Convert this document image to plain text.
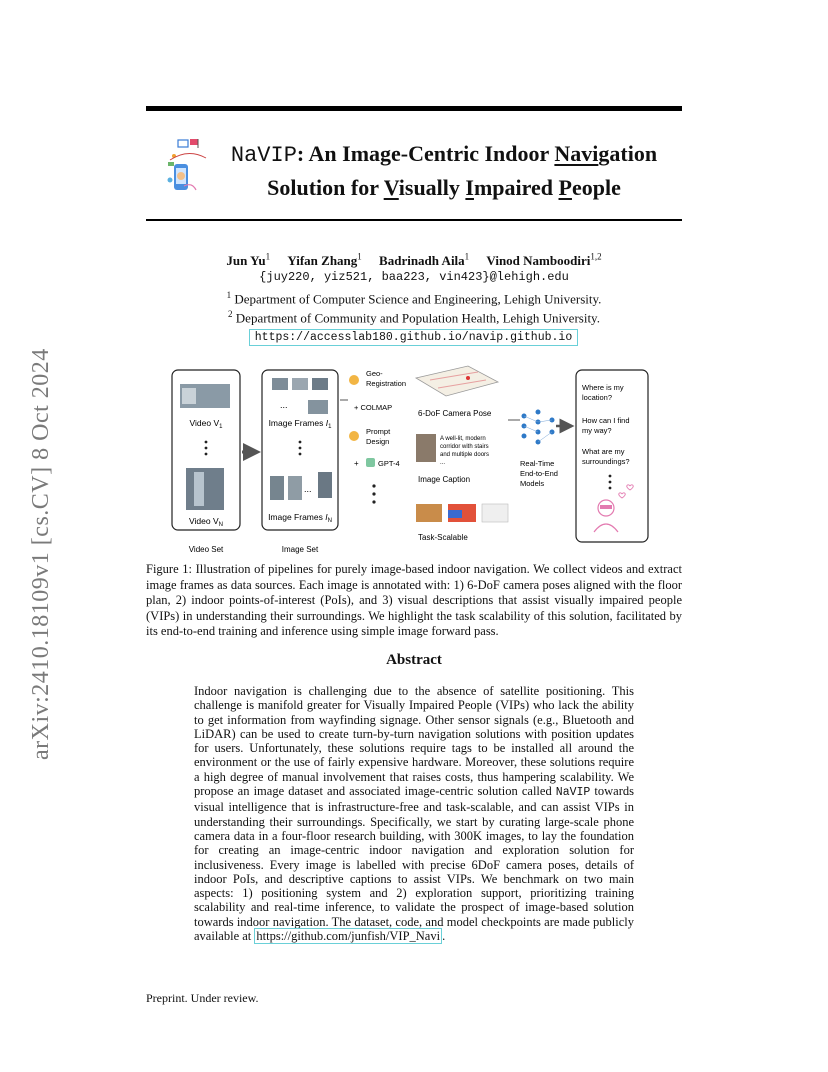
arXiv:2410.18109v1 [cs.CV] 8 Oct 2024
NaVIP: An Image-Centric Indoor Navigation
Solution for Visually Impaired People
Jun Yu$^1$ Yifan Zhang$^1$ Badrinadh Aila$^1$ Vinod Namboodiri$^{1,2}$
{juy220, yiz521, baa223, vin423}@lehigh.edu
$^1$ Department of Computer Science and Engineering, Lehigh University.
$^2$ Department of Community and Population Health, Lehigh University.
https://accesslab180.github.io/navip.github.io
Video $V_1$
Video $V_N$
Video Set
...
Image Frames $I_1$
...
Image Frames $I_N$
Image Set
Geo-
Registration
+ COLMAP
6-DoF Camera Pose
Prompt
Design
+	GPT-4
A well-lit, modern
corridor with stairs
and multiple doors
...
Image Caption
Task-Scalable
Real-Time
End-to-End
Models
Where is my
location?
How can I find
my way?
What are my
surroundings?
Figure 1: Illustration of pipelines for purely image-based indoor navigation. We collect videos and extract image frames as data sources. Each image is annotated with: 1) 6-DoF camera poses aligned with the floor plan, 2) indoor points-of-interest (PoIs), and 3) visual descriptions that assist visually impaired people (VIPs) in understanding their surroundings. We highlight the task scalability of this solution, facilitated by its end-to-end training and inference using simple image forward pass.
Abstract
Indoor navigation is challenging due to the absence of satellite positioning. This challenge is manifold greater for Visually Impaired People (VIPs) who lack the ability to get information from wayfinding signage. Other sensor signals (e.g., Bluetooth and LiDAR) can be used to create turn-by-turn navigation solutions with position updates for users. Unfortunately, these solutions require tags to be installed all around the environment or the use of fairly expensive hardware. Moreover, these solutions require a high degree of manual involvement that raises costs, thus hampering scalability. We propose an image dataset and associated image-centric solution called NaVIP towards visual intelligence that is infrastructure-free and task-scalable, and can assist VIPs in understanding their surroundings. Specifically, we start by curating large-scale phone camera data in a four-floor research building, with 300K images, to lay the foundation for creating an image-centric indoor navigation and exploration solution for inclusiveness. Every image is labelled with precise 6DoF camera poses, details of indoor PoIs, and descriptive captions to assist VIPs. We benchmark on two main aspects: 1) positioning system and 2) exploration support, prioritizing training scalability and real-time inference, to validate the prospect of image-based solution towards indoor navigation. The dataset, code, and model checkpoints are made publicly available at https://github.com/junfish/VIP_Navi .
Preprint. Under review.
